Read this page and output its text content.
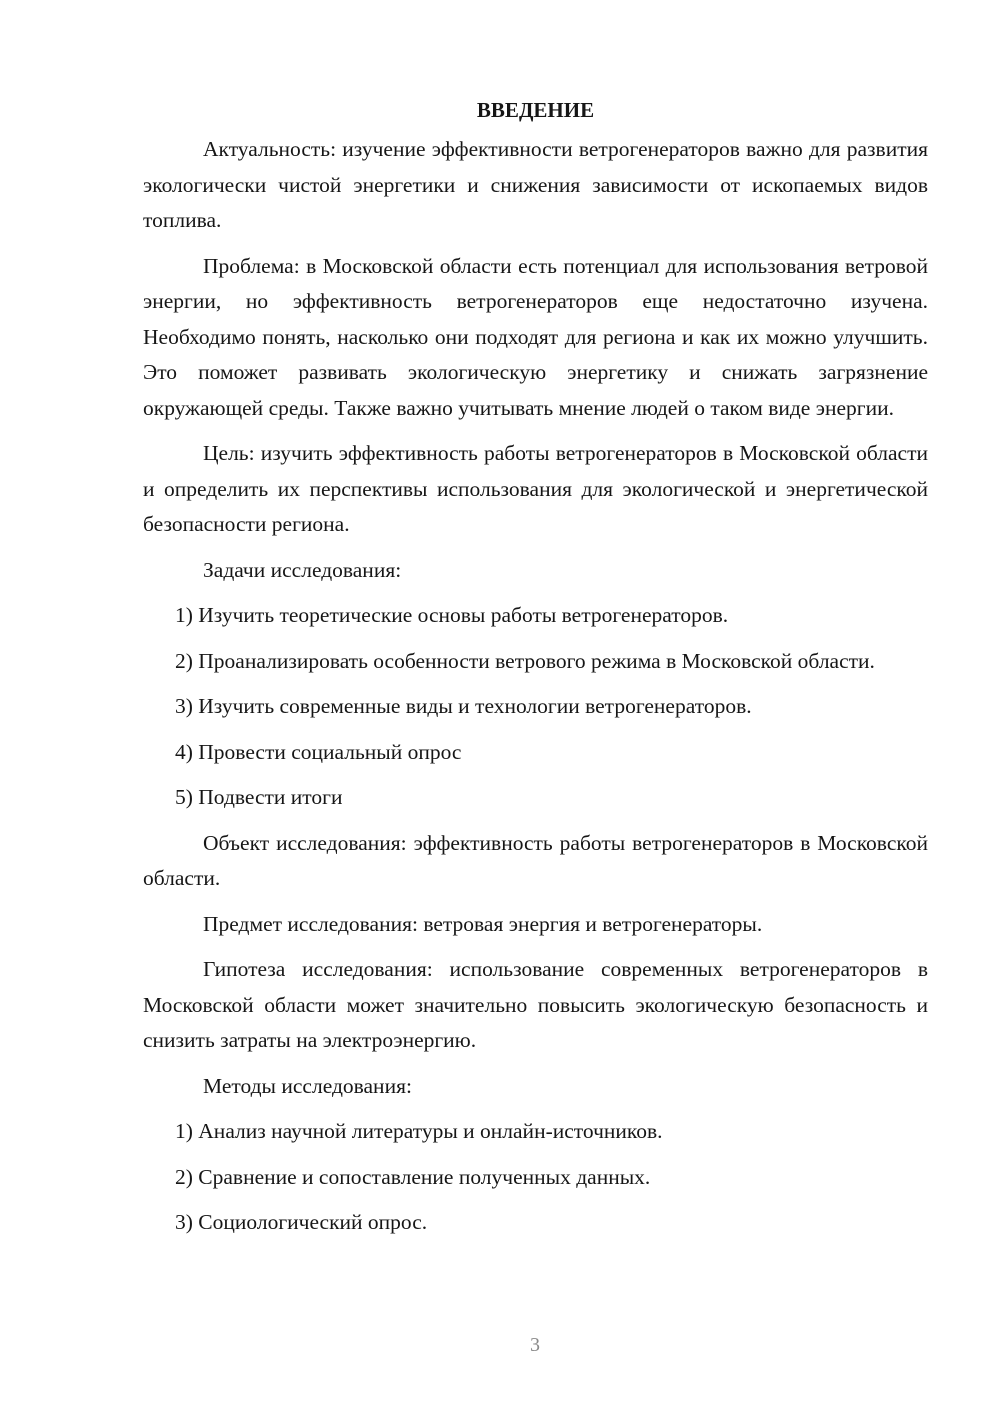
ВВЕДЕНИЕ

Актуальность: изучение эффективности ветрогенераторов важно для развития экологически чистой энергетики и снижения зависимости от ископаемых видов топлива.

Проблема: в Московской области есть потенциал для использования ветровой энергии, но эффективность ветрогенераторов еще недостаточно изучена. Необходимо понять, насколько они подходят для региона и как их можно улучшить. Это поможет развивать экологическую энергетику и снижать загрязнение окружающей среды. Также важно учитывать мнение людей о таком виде энергии.

Цель: изучить эффективность работы ветрогенераторов в Московской области и определить их перспективы использования для экологической и энергетической безопасности региона.

Задачи исследования:

1) Изучить теоретические основы работы ветрогенераторов.

2) Проанализировать особенности ветрового режима в Московской области.

3) Изучить современные виды и технологии ветрогенераторов.

4) Провести социальный опрос

5) Подвести итоги

Объект исследования: эффективность работы ветрогенераторов в Московской области.

Предмет исследования: ветровая энергия и ветрогенераторы.

Гипотеза исследования: использование современных ветрогенераторов в Московской области может значительно повысить экологическую безопасность и снизить затраты на электроэнергию.

Методы исследования:

1) Анализ научной литературы и онлайн-источников.

2) Сравнение и сопоставление полученных данных.

3) Социологический опрос.

3
